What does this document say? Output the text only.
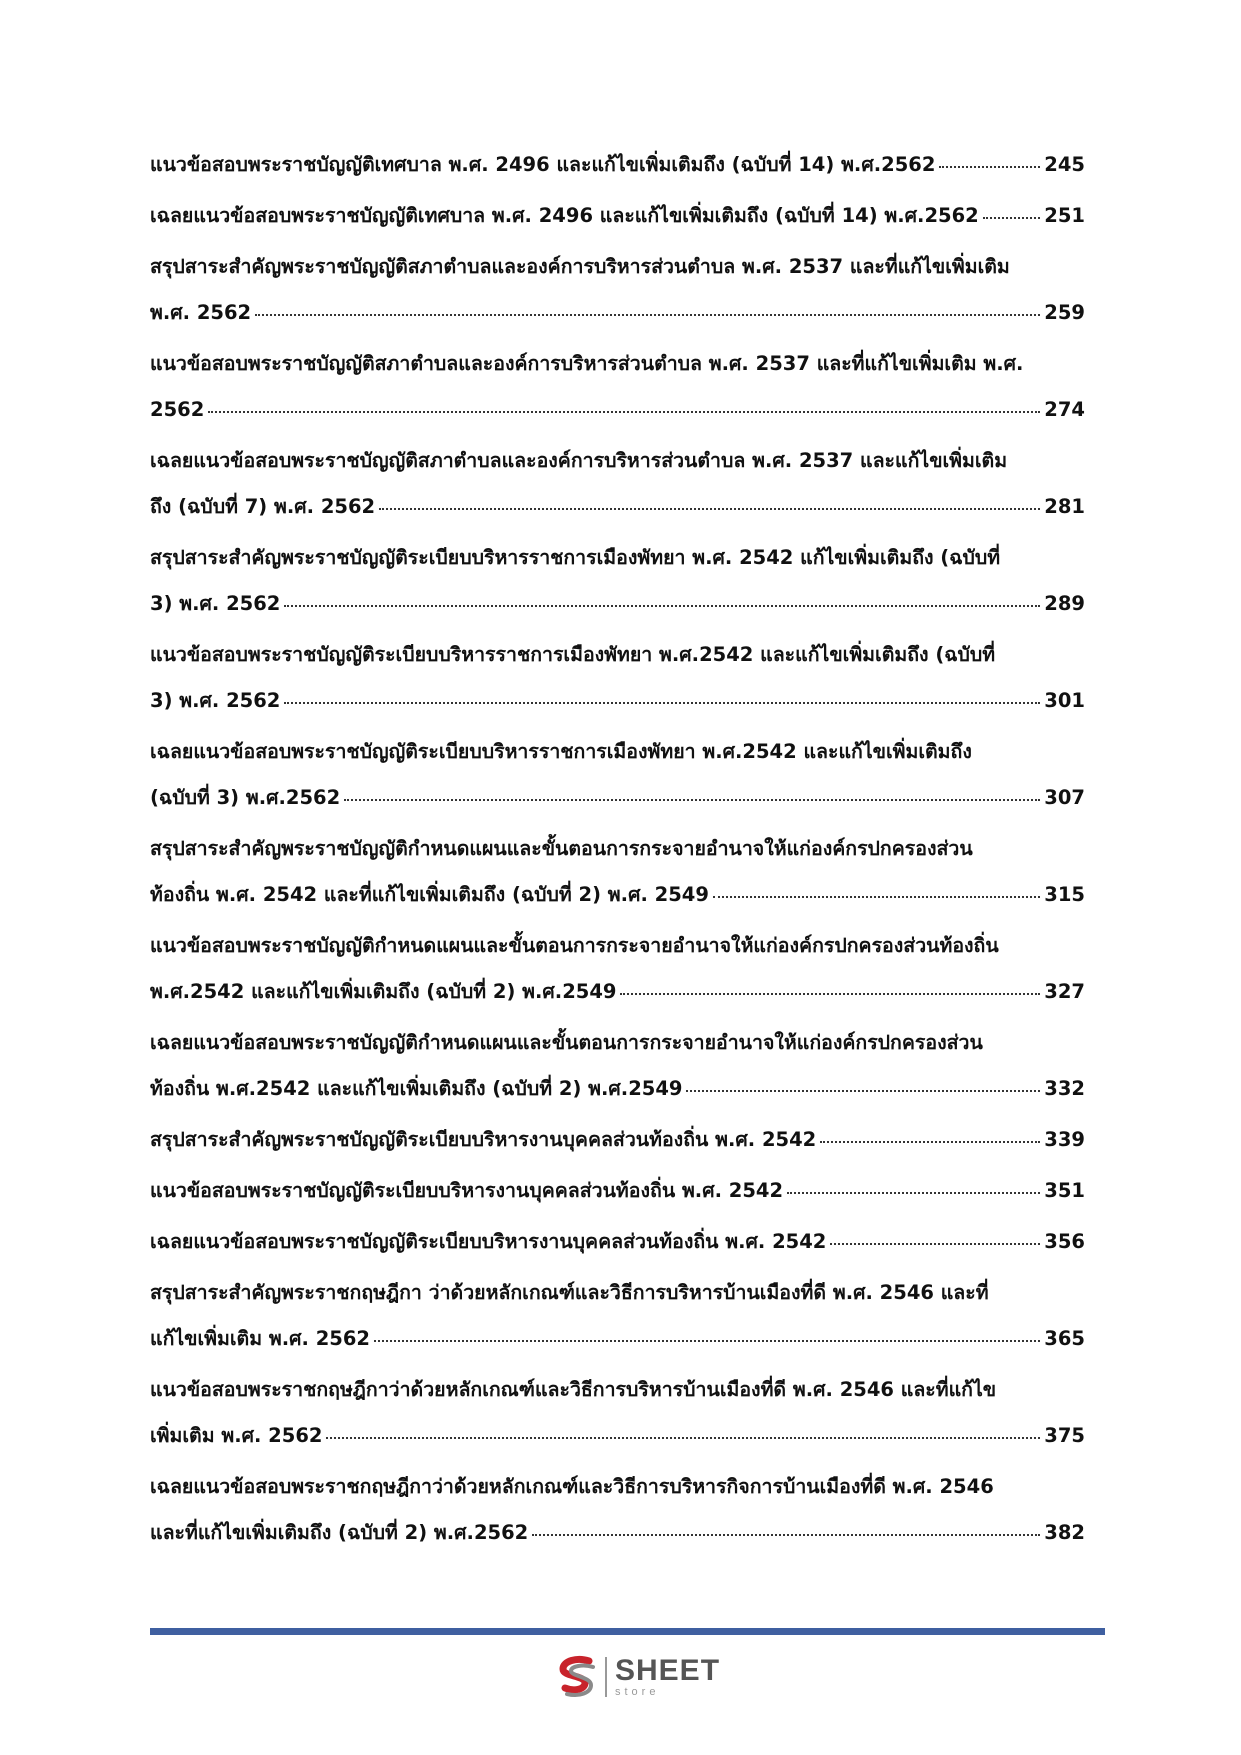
แนวข้อสอบพระราชบัญญัติเทศบาล พ.ศ. 2496 และแก้ไขเพิ่มเติมถึง (ฉบับที่ 14) พ.ศ.2562	245
เฉลยแนวข้อสอบพระราชบัญญัติเทศบาล พ.ศ. 2496 และแก้ไขเพิ่มเติมถึง (ฉบับที่ 14) พ.ศ.2562	251
สรุปสาระสำคัญพระราชบัญญัติสภาตำบลและองค์การบริหารส่วนตำบล พ.ศ. 2537 และที่แก้ไขเพิ่มเติม
พ.ศ. 2562	259
แนวข้อสอบพระราชบัญญัติสภาตำบลและองค์การบริหารส่วนตำบล พ.ศ. 2537 และที่แก้ไขเพิ่มเติม พ.ศ.
2562	274
เฉลยแนวข้อสอบพระราชบัญญัติสภาตำบลและองค์การบริหารส่วนตำบล พ.ศ. 2537 และแก้ไขเพิ่มเติม
ถึง (ฉบับที่ 7) พ.ศ. 2562	281
สรุปสาระสำคัญพระราชบัญญัติระเบียบบริหารราชการเมืองพัทยา พ.ศ. 2542 แก้ไขเพิ่มเติมถึง (ฉบับที่
3) พ.ศ. 2562	289
แนวข้อสอบพระราชบัญญัติระเบียบบริหารราชการเมืองพัทยา พ.ศ.2542 และแก้ไขเพิ่มเติมถึง (ฉบับที่
3) พ.ศ. 2562	301
เฉลยแนวข้อสอบพระราชบัญญัติระเบียบบริหารราชการเมืองพัทยา พ.ศ.2542 และแก้ไขเพิ่มเติมถึง
(ฉบับที่ 3) พ.ศ.2562	307
สรุปสาระสำคัญพระราชบัญญัติกำหนดแผนและขั้นตอนการกระจายอำนาจให้แก่องค์กรปกครองส่วน
ท้องถิ่น พ.ศ. 2542 และที่แก้ไขเพิ่มเติมถึง (ฉบับที่ 2) พ.ศ. 2549	315
แนวข้อสอบพระราชบัญญัติกำหนดแผนและขั้นตอนการกระจายอำนาจให้แก่องค์กรปกครองส่วนท้องถิ่น
พ.ศ.2542 และแก้ไขเพิ่มเติมถึง (ฉบับที่ 2) พ.ศ.2549	327
เฉลยแนวข้อสอบพระราชบัญญัติกำหนดแผนและขั้นตอนการกระจายอำนาจให้แก่องค์กรปกครองส่วน
ท้องถิ่น พ.ศ.2542 และแก้ไขเพิ่มเติมถึง (ฉบับที่ 2) พ.ศ.2549	332
สรุปสาระสำคัญพระราชบัญญัติระเบียบบริหารงานบุคคลส่วนท้องถิ่น พ.ศ. 2542	339
แนวข้อสอบพระราชบัญญัติระเบียบบริหารงานบุคคลส่วนท้องถิ่น พ.ศ. 2542	351
เฉลยแนวข้อสอบพระราชบัญญัติระเบียบบริหารงานบุคคลส่วนท้องถิ่น พ.ศ. 2542	356
สรุปสาระสำคัญพระราชกฤษฎีกา ว่าด้วยหลักเกณฑ์และวิธีการบริหารบ้านเมืองที่ดี พ.ศ. 2546 และที่
แก้ไขเพิ่มเติม พ.ศ. 2562	365
แนวข้อสอบพระราชกฤษฎีกาว่าด้วยหลักเกณฑ์และวิธีการบริหารบ้านเมืองที่ดี พ.ศ. 2546 และที่แก้ไข
เพิ่มเติม พ.ศ. 2562	375
เฉลยแนวข้อสอบพระราชกฤษฎีกาว่าด้วยหลักเกณฑ์และวิธีการบริหารกิจการบ้านเมืองที่ดี พ.ศ. 2546
และที่แก้ไขเพิ่มเติมถึง (ฉบับที่ 2) พ.ศ.2562	382
SHEET
store
